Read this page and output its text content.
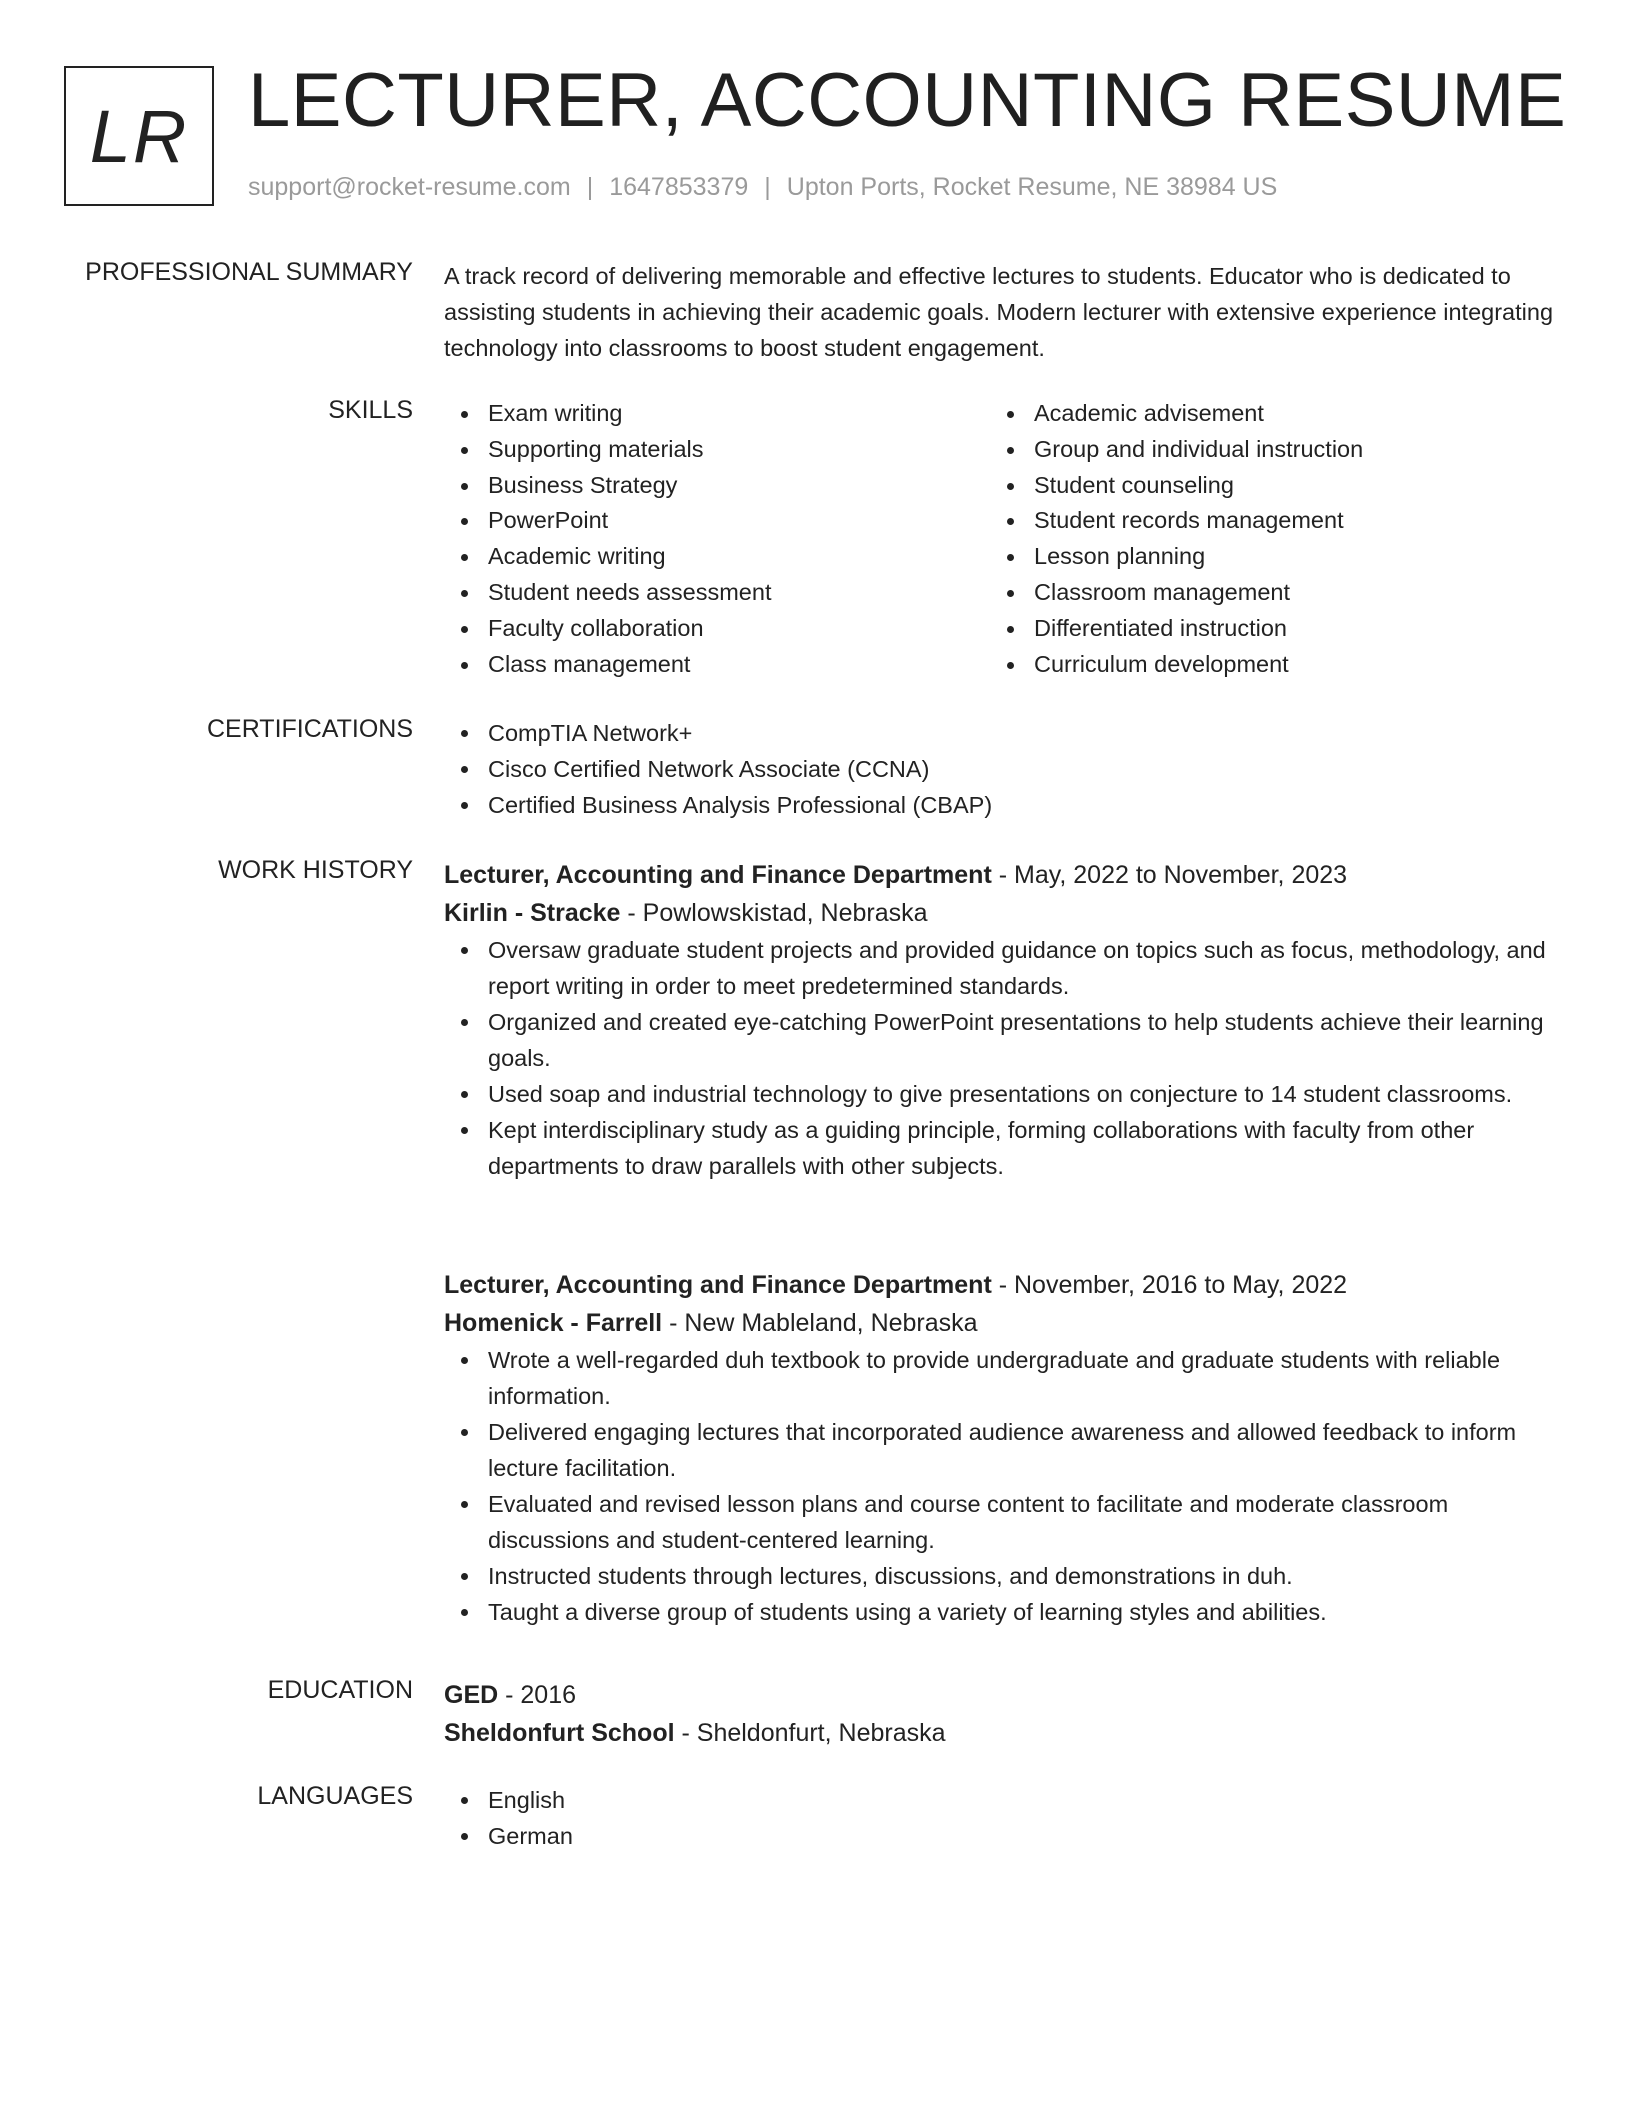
LR LECTURER, ACCOUNTING RESUME
support@rocket-resume.com | 1647853379 | Upton Ports, Rocket Resume, NE 38984 US
PROFESSIONAL SUMMARY A track record of delivering memorable and effective lectures to students. Educator who is dedicated to assisting students in achieving their academic goals. Modern lecturer with extensive experience integrating technology into classrooms to boost student engagement.

SKILLS	Exam writing
Supporting materials
Business Strategy
PowerPoint
Academic writing
Student needs assessment
Faculty collaboration
Class management
Academic advisement
Group and individual instruction
Student counseling
Student records management
Lesson planning
Classroom management
Differentiated instruction
Curriculum development
CERTIFICATIONS	CompTIA Network+
Cisco Certified Network Associate (CCNA)
Certified Business Analysis Professional (CBAP)
WORK HISTORY Lecturer, Accounting and Finance Department - May, 2022 to November, 2023
Kirlin - Stracke - Powlowskistad, Nebraska
Oversaw graduate student projects and provided guidance on topics such as focus, methodology, and report writing in order to meet predetermined standards.
Organized and created eye-catching PowerPoint presentations to help students achieve their learning goals.
Used soap and industrial technology to give presentations on conjecture to 14 student classrooms.
Kept interdisciplinary study as a guiding principle, forming collaborations with faculty from other departments to draw parallels with other subjects.
Lecturer, Accounting and Finance Department - November, 2016 to May, 2022
Homenick - Farrell - New Mableland, Nebraska
Wrote a well-regarded duh textbook to provide undergraduate and graduate students with reliable information.
Delivered engaging lectures that incorporated audience awareness and allowed feedback to inform lecture facilitation.
Evaluated and revised lesson plans and course content to facilitate and moderate classroom discussions and student-centered learning.
Instructed students through lectures, discussions, and demonstrations in duh.
Taught a diverse group of students using a variety of learning styles and abilities.
EDUCATION GED - 2016
Sheldonfurt School - Sheldonfurt, Nebraska
LANGUAGES	English
German
